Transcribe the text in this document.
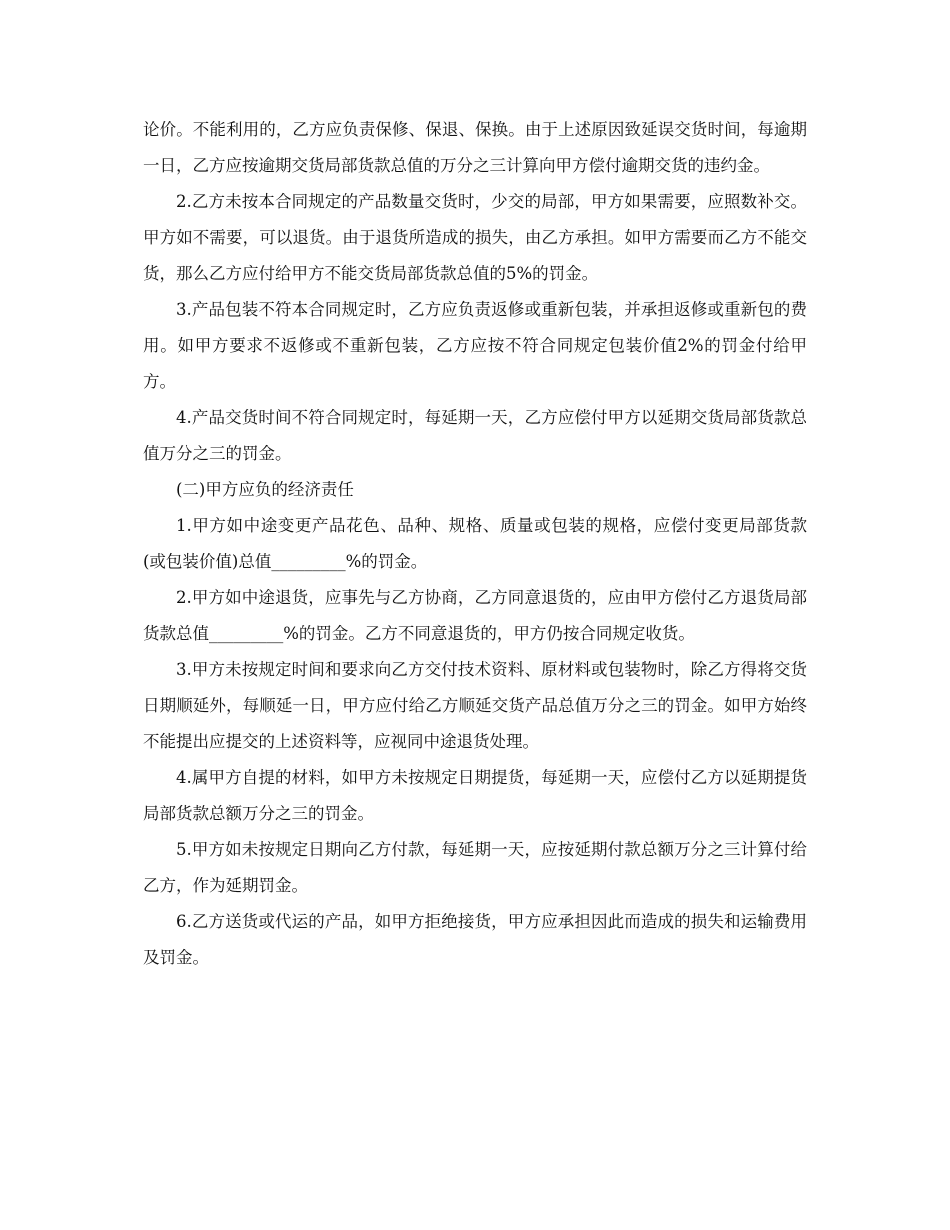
论价。不能利用的，乙方应负责保修、保退、保换。由于上述原因致延误交货时间，每逾期一日，乙方应按逾期交货局部货款总值的万分之三计算向甲方偿付逾期交货的违约金。

2.乙方未按本合同规定的产品数量交货时，少交的局部，甲方如果需要，应照数补交。甲方如不需要，可以退货。由于退货所造成的损失，由乙方承担。如甲方需要而乙方不能交货，那么乙方应付给甲方不能交货局部货款总值的5%的罚金。

3.产品包装不符本合同规定时，乙方应负责返修或重新包装，并承担返修或重新包的费用。如甲方要求不返修或不重新包装，乙方应按不符合同规定包装价值2%的罚金付给甲方。

4.产品交货时间不符合同规定时，每延期一天，乙方应偿付甲方以延期交货局部货款总值万分之三的罚金。

(二)甲方应负的经济责任

1.甲方如中途变更产品花色、品种、规格、质量或包装的规格，应偿付变更局部货款(或包装价值)总值_________%的罚金。

2.甲方如中途退货，应事先与乙方协商，乙方同意退货的，应由甲方偿付乙方退货局部货款总值_________%的罚金。乙方不同意退货的，甲方仍按合同规定收货。

3.甲方未按规定时间和要求向乙方交付技术资料、原材料或包装物时，除乙方得将交货日期顺延外，每顺延一日，甲方应付给乙方顺延交货产品总值万分之三的罚金。如甲方始终不能提出应提交的上述资料等，应视同中途退货处理。

4.属甲方自提的材料，如甲方未按规定日期提货，每延期一天，应偿付乙方以延期提货局部货款总额万分之三的罚金。

5.甲方如未按规定日期向乙方付款，每延期一天，应按延期付款总额万分之三计算付给乙方，作为延期罚金。

6.乙方送货或代运的产品，如甲方拒绝接货，甲方应承担因此而造成的损失和运输费用及罚金。
